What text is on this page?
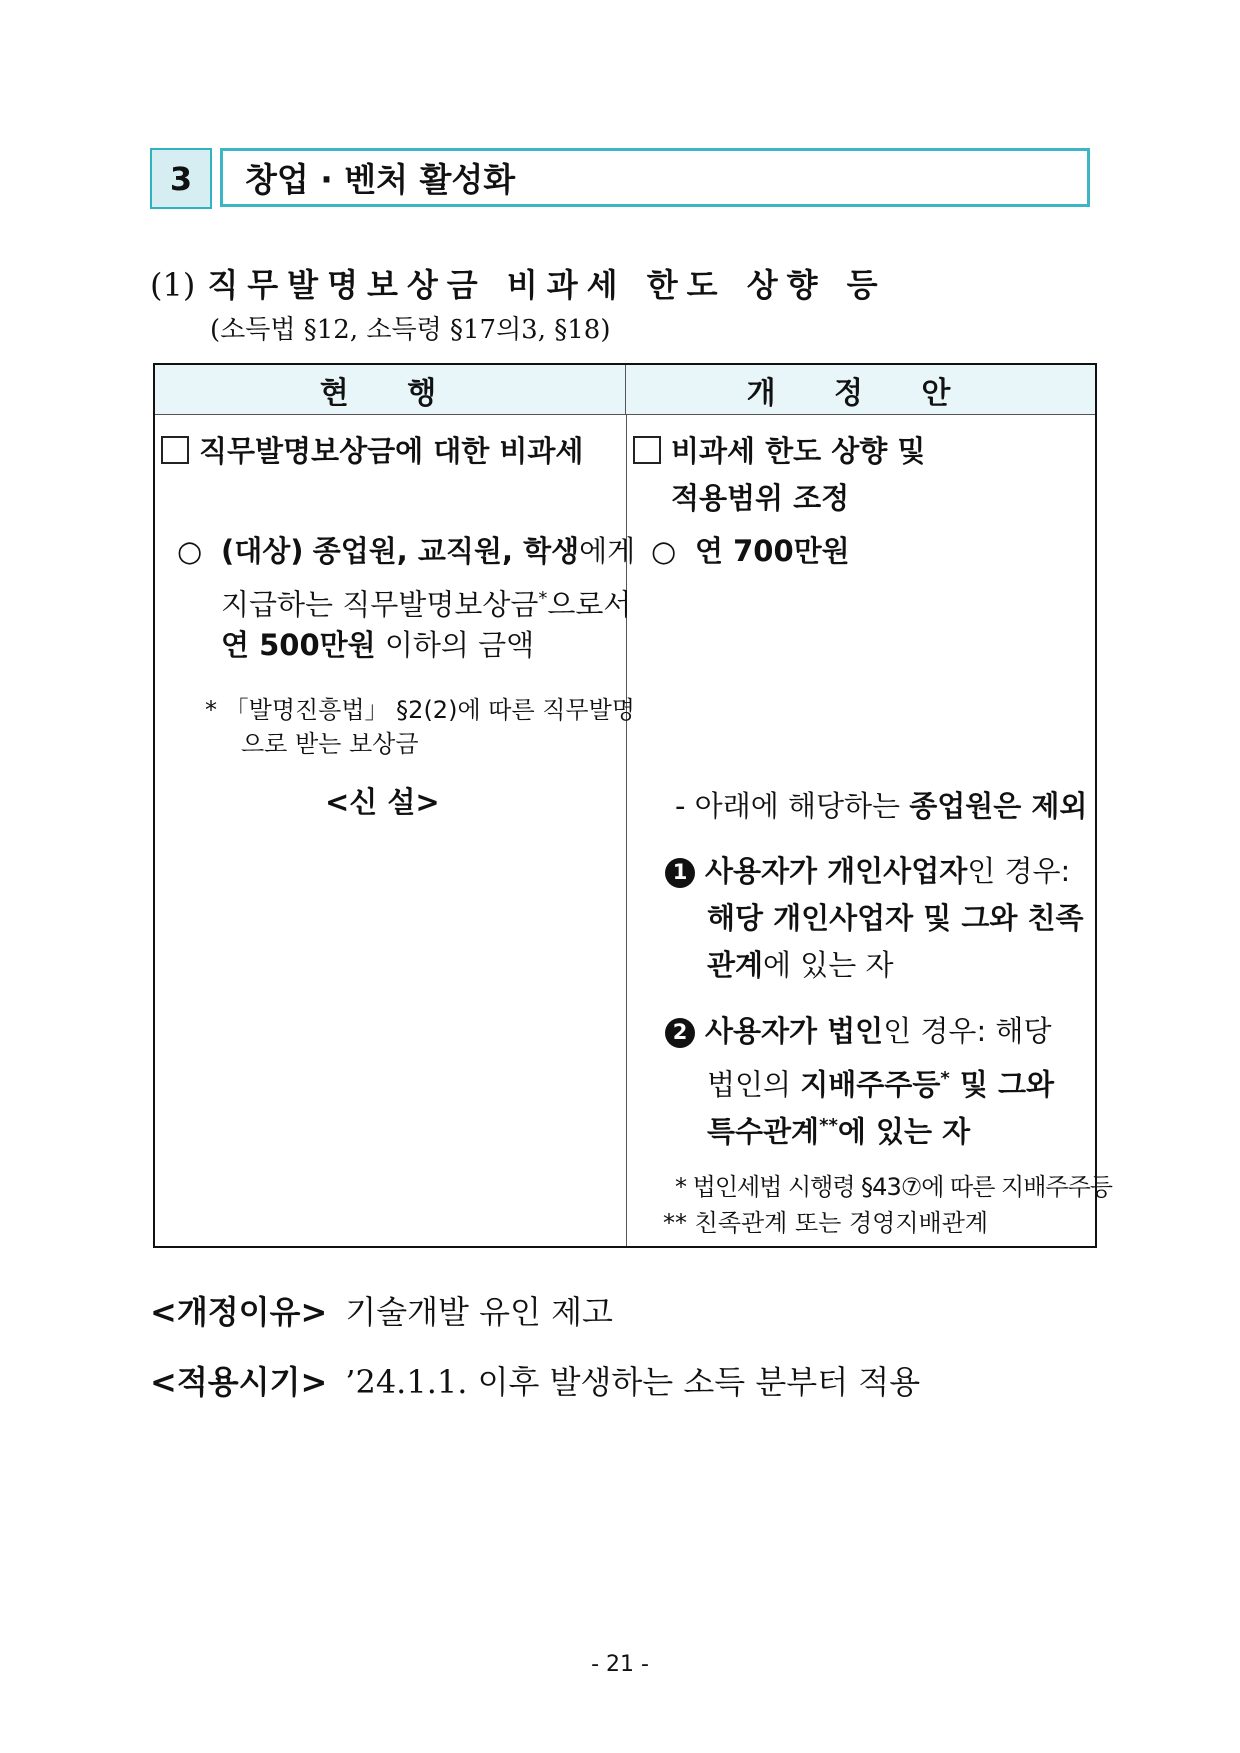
3	창업 · 벤처 활성화
(1) 직무발명보상금 비과세 한도 상향 등
(소득법 §12, 소득령 §17의3, §18)
현 행	개 정 안
직무발명보상금에 대한 비과세
○ (대상) 종업원, 교직원, 학생에게
지급하는 직무발명보상금*으로서
연 500만원 이하의 금액
* 「발명진흥법」 §2(2)에 따른 직무발명
으로 받는 보상금
<신 설>
비과세 한도 상향 및
적용범위 조정
○ 연 700만원
- 아래에 해당하는 종업원은 제외
1 사용자가 개인사업자인 경우:
해당 개인사업자 및 그와 친족
관계에 있는 자
2 사용자가 법인인 경우: 해당
법인의 지배주주등* 및 그와
특수관계**에 있는 자
* 법인세법 시행령 §43⑦에 따른 지배주주등
** 친족관계 또는 경영지배관계
<개정이유> 기술개발 유인 제고
<적용시기> ’24.1.1. 이후 발생하는 소득 분부터 적용
- 21 -
